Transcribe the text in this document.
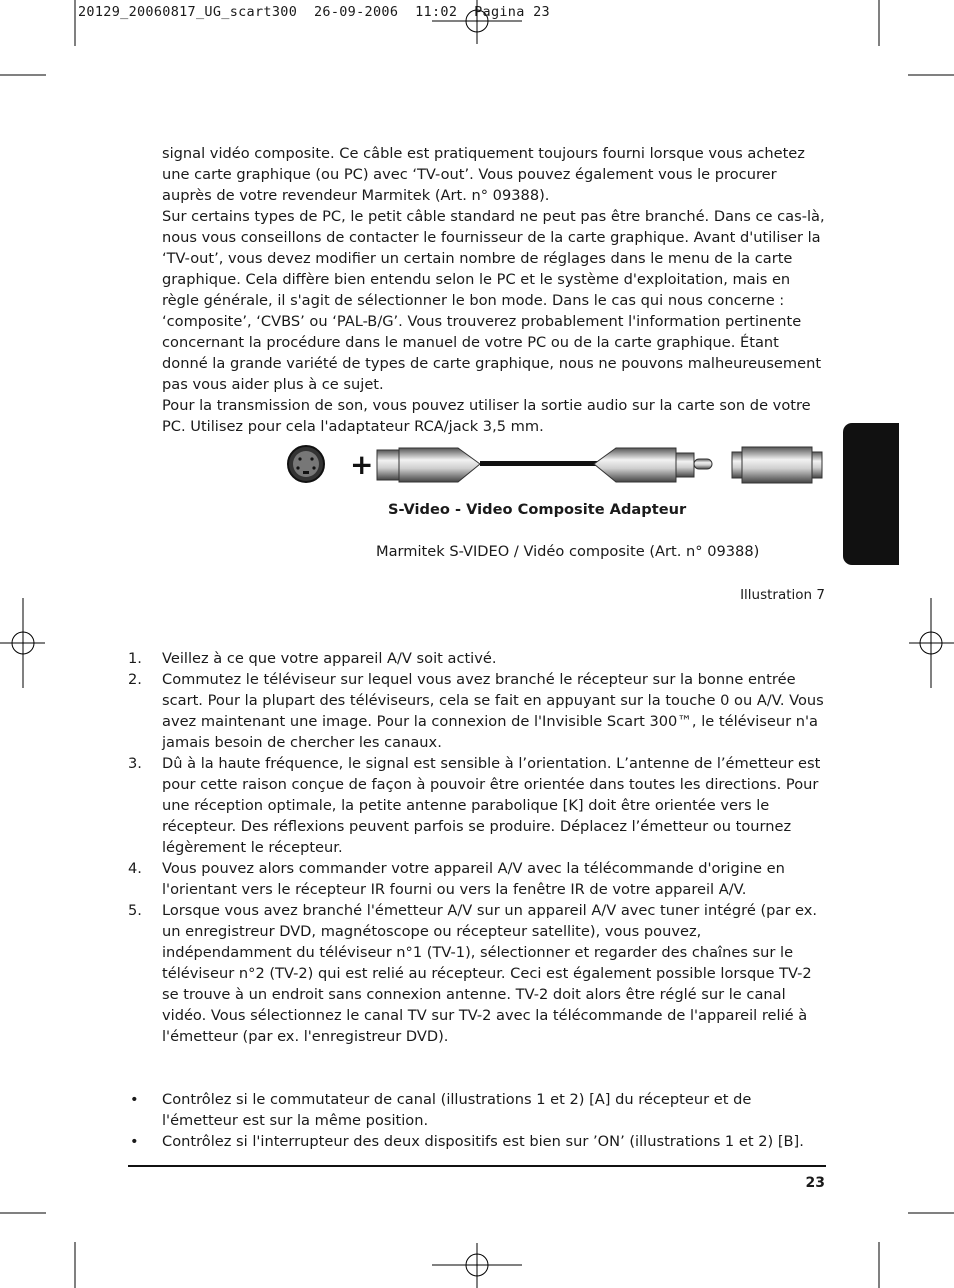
20129_20060817_UG_scart300  26-09-2006  11:02  Pagina 23

signal vidéo composite. Ce câble est pratiquement toujours fourni lorsque vous achetez une carte graphique (ou PC) avec ‘TV-out’. Vous pouvez également vous le procurer auprès de votre revendeur Marmitek (Art. n° 09388).

Sur certains types de PC, le petit câble standard ne peut pas être branché. Dans ce cas-là, nous vous conseillons de contacter le fournisseur de la carte graphique. Avant d'utiliser la ‘TV-out’, vous devez modifier un certain nombre de réglages dans le menu de la carte graphique. Cela diffère bien entendu selon le PC et le système d'exploitation, mais en règle générale, il s'agit de sélectionner le bon mode. Dans le cas qui nous concerne : ‘composite’, ‘CVBS’ ou ‘PAL-B/G’. Vous trouverez probablement l'information pertinente concernant la procédure dans le manuel de votre PC ou de la carte graphique. Étant donné la grande variété de types de carte graphique, nous ne pouvons malheureusement pas vous aider plus à ce sujet.

Pour la transmission de son, vous pouvez utiliser la sortie audio sur la carte son de votre PC. Utilisez pour cela l'adaptateur RCA/jack 3,5 mm.

+
S-Video - Video Composite Adapteur
Marmitek S-VIDEO / Vidéo composite (Art. n° 09388)
Illustration 7
1. Veillez à ce que votre appareil A/V soit activé.
2. Commutez le téléviseur sur lequel vous avez branché le récepteur sur la bonne entrée scart. Pour la plupart des téléviseurs, cela se fait en appuyant sur la touche 0 ou A/V. Vous avez maintenant une image. Pour la connexion de l'Invisible Scart 300™, le téléviseur n'a jamais besoin de chercher les canaux.
3. Dû à la haute fréquence, le signal est sensible à l’orientation. L’antenne de l’émetteur est pour cette raison conçue de façon à pouvoir être orientée dans toutes les directions. Pour une réception optimale, la petite antenne parabolique [K] doit être orientée vers le récepteur. Des réflexions peuvent parfois se produire. Déplacez l’émetteur ou tournez légèrement le récepteur.
4. Vous pouvez alors commander votre appareil A/V avec la télécommande d'origine en l'orientant vers le récepteur IR fourni ou vers la fenêtre IR de votre appareil A/V.
5. Lorsque vous avez branché l'émetteur A/V sur un appareil A/V avec tuner intégré (par ex. un enregistreur DVD, magnétoscope ou récepteur satellite), vous pouvez, indépendamment du téléviseur n°1 (TV-1), sélectionner et regarder des chaînes sur le téléviseur n°2 (TV-2) qui est relié au récepteur. Ceci est également possible lorsque TV-2 se trouve à un endroit sans connexion antenne. TV-2 doit alors être réglé sur le canal vidéo. Vous sélectionnez le canal TV sur TV-2 avec la télécommande de l'appareil relié à l'émetteur (par ex. l'enregistreur DVD).
• Contrôlez si le commutateur de canal (illustrations 1 et 2) [A] du récepteur et de l'émetteur est sur la même position.
• Contrôlez si l'interrupteur des deux dispositifs est bien sur ’ON’ (illustrations 1 et 2) [B].
23
